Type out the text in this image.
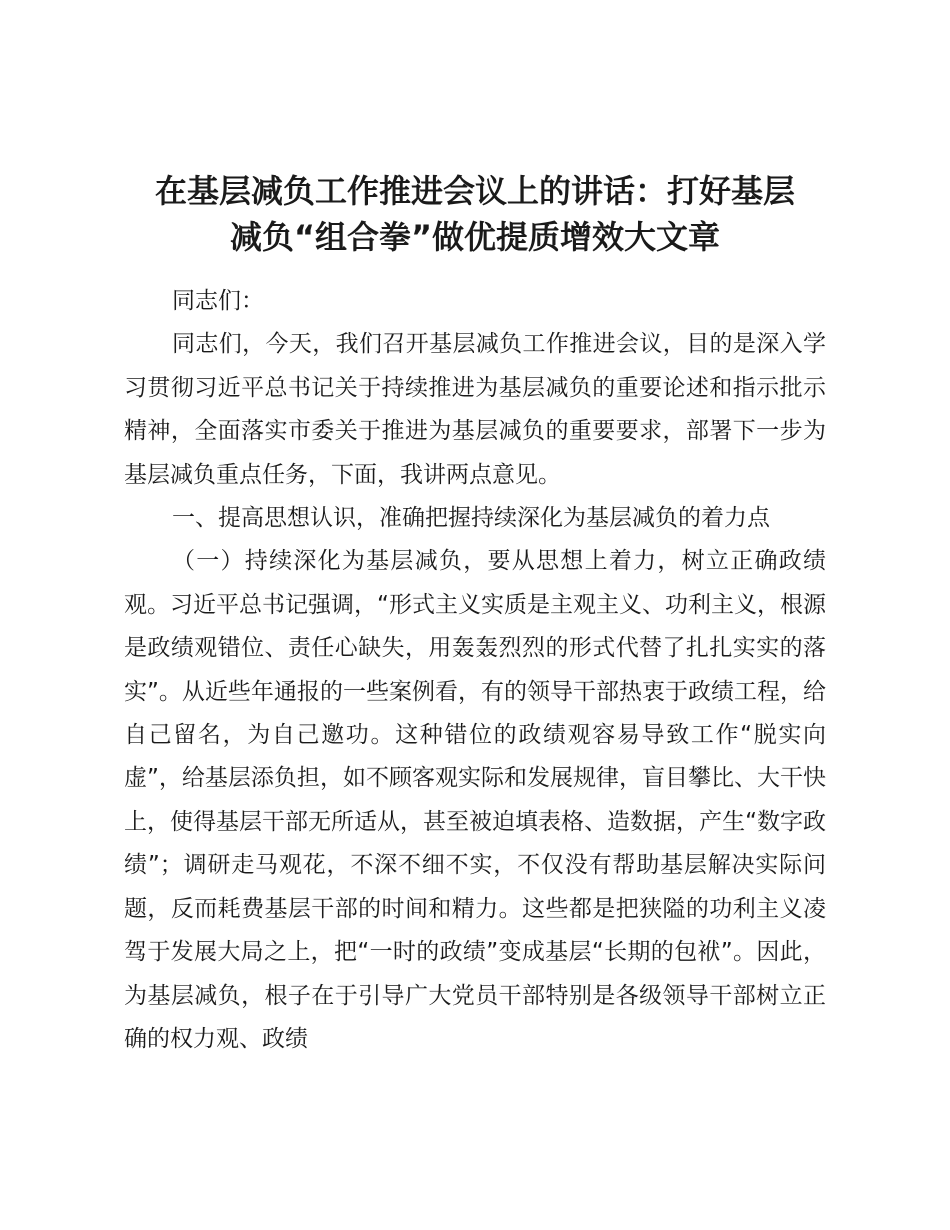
在基层减负工作推进会议上的讲话：打好基层
减负“组合拳”做优提质增效大文章

同志们：

同志们，今天，我们召开基层减负工作推进会议，目的是深入学习贯彻习近平总书记关于持续推进为基层减负的重要论述和指示批示精神，全面落实市委关于推进为基层减负的重要要求，部署下一步为基层减负重点任务，下面，我讲两点意见。

一、提高思想认识，准确把握持续深化为基层减负的着力点

（一）持续深化为基层减负，要从思想上着力，树立正确政绩观。习近平总书记强调，“形式主义实质是主观主义、功利主义，根源是政绩观错位、责任心缺失，用轰轰烈烈的形式代替了扎扎实实的落实”。从近些年通报的一些案例看，有的领导干部热衷于政绩工程，给自己留名，为自己邀功。这种错位的政绩观容易导致工作“脱实向虚”，给基层添负担，如不顾客观实际和发展规律，盲目攀比、大干快上，使得基层干部无所适从，甚至被迫填表格、造数据，产生“数字政绩”；调研走马观花，不深不细不实，不仅没有帮助基层解决实际问题，反而耗费基层干部的时间和精力。这些都是把狭隘的功利主义凌驾于发展大局之上，把“一时的政绩”变成基层“长期的包袱”。因此，为基层减负，根子在于引导广大党员干部特别是各级领导干部树立正确的权力观、政绩
